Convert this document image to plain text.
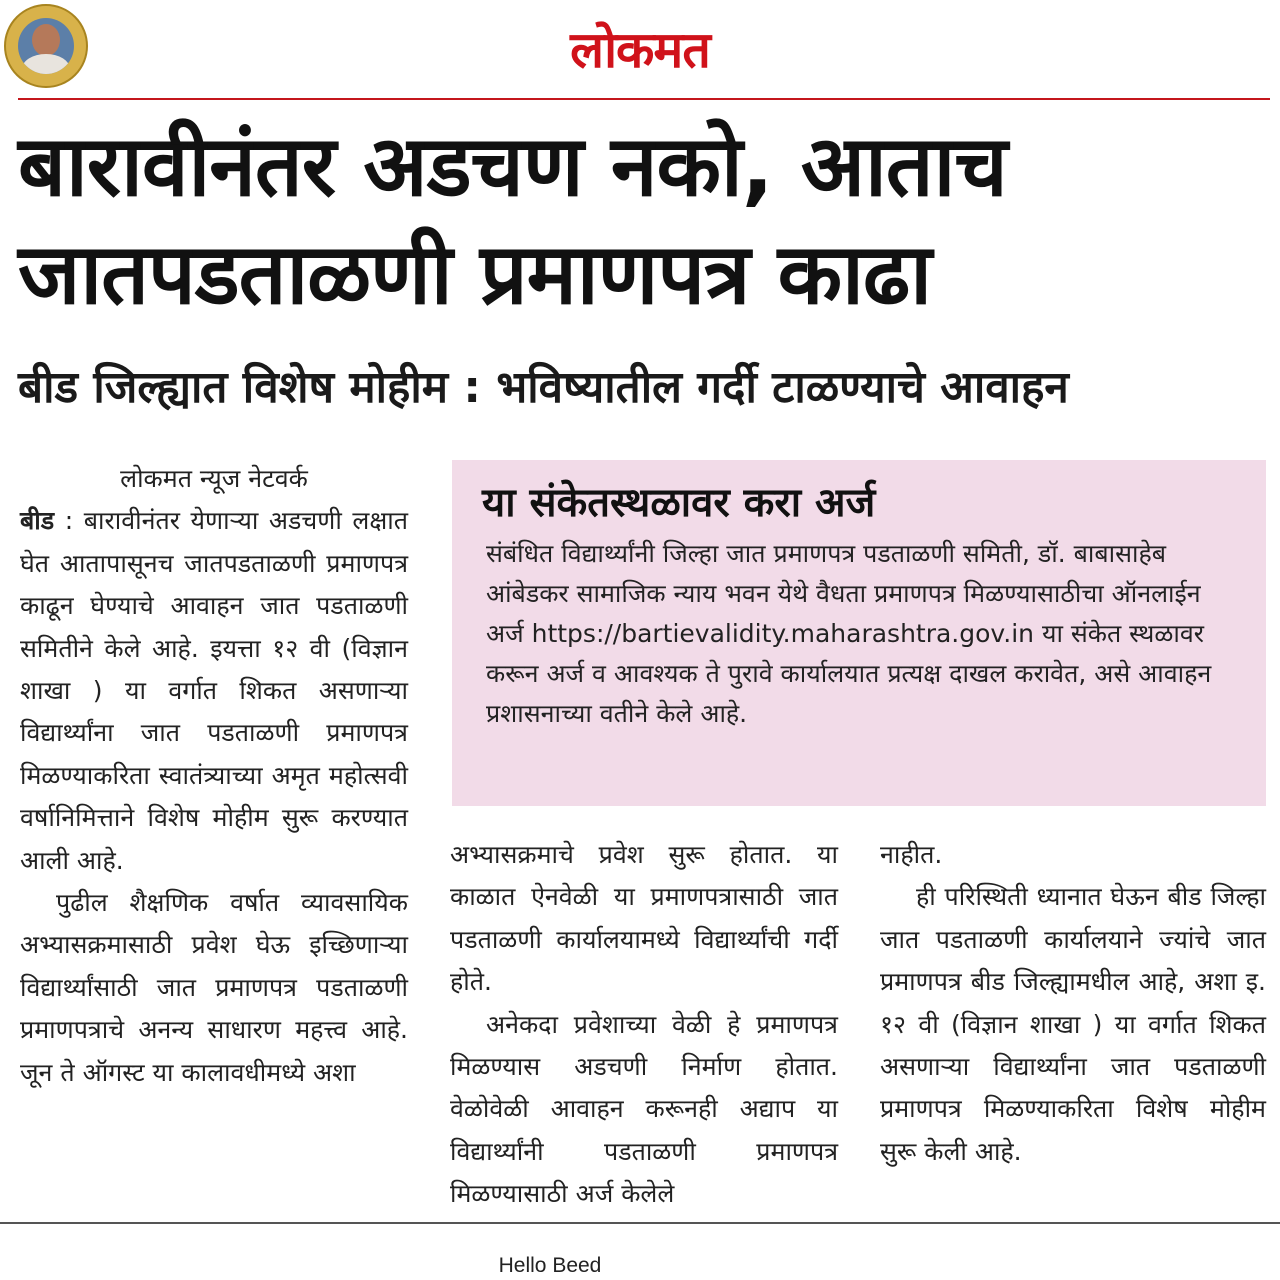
लोकमत
बारावीनंतर अडचण नको, आताच
जातपडताळणी प्रमाणपत्र काढा
बीड जिल्ह्यात विशेष मोहीम : भविष्यातील गर्दी टाळण्याचे आवाहन

लोकमत न्यूज नेटवर्क

बीड : बारावीनंतर येणाऱ्या अडचणी लक्षात घेत आतापासूनच जातपडताळणी प्रमाणपत्र काढून घेण्याचे आवाहन जात पडताळणी समितीने केले आहे. इयत्ता १२ वी (विज्ञान शाखा ) या वर्गात शिकत असणाऱ्या विद्यार्थ्यांना जात पडताळणी प्रमाणपत्र मिळण्याकरिता स्वातंत्र्याच्या अमृत महोत्सवी वर्षानिमित्ताने विशेष मोहीम सुरू करण्यात आली आहे.

पुढील शैक्षणिक वर्षात व्यावसायिक अभ्यासक्रमासाठी प्रवेश घेऊ इच्छिणाऱ्या विद्यार्थ्यांसाठी जात प्रमाणपत्र पडताळणी प्रमाणपत्राचे अनन्य साधारण महत्त्व आहे. जून ते ऑगस्ट या कालावधीमध्ये अशा

या संकेतस्थळावर करा अर्ज
संबंधित विद्यार्थ्यांनी जिल्हा जात प्रमाणपत्र पडताळणी समिती, डॉ. बाबासाहेब आंबेडकर सामाजिक न्याय भवन येथे वैधता प्रमाणपत्र मिळण्यासाठीचा ऑनलाईन अर्ज https://bartievalidity.maharashtra.gov.in या संकेत स्थळावर करून अर्ज व आवश्यक ते पुरावे कार्यालयात प्रत्यक्ष दाखल करावेत, असे आवाहन प्रशासनाच्या वतीने केले आहे.

अभ्यासक्रमाचे प्रवेश सुरू होतात. या काळात ऐनवेळी या प्रमाणपत्रासाठी जात पडताळणी कार्यालयामध्ये विद्यार्थ्यांची गर्दी होते.

अनेकदा प्रवेशाच्या वेळी हे प्रमाणपत्र मिळण्यास अडचणी निर्माण होतात. वेळोवेळी आवाहन करूनही अद्याप या विद्यार्थ्यांनी पडताळणी प्रमाणपत्र मिळण्यासाठी अर्ज केलेले

नाहीत.

ही परिस्थिती ध्यानात घेऊन बीड जिल्हा जात पडताळणी कार्यालयाने ज्यांचे जात प्रमाणपत्र बीड जिल्ह्यामधील आहे, अशा इ. १२ वी (विज्ञान शाखा ) या वर्गात शिकत असणाऱ्या विद्यार्थ्यांना जात पडताळणी प्रमाणपत्र मिळण्याकरिता विशेष मोहीम सुरू केली आहे.

Hello Beed
